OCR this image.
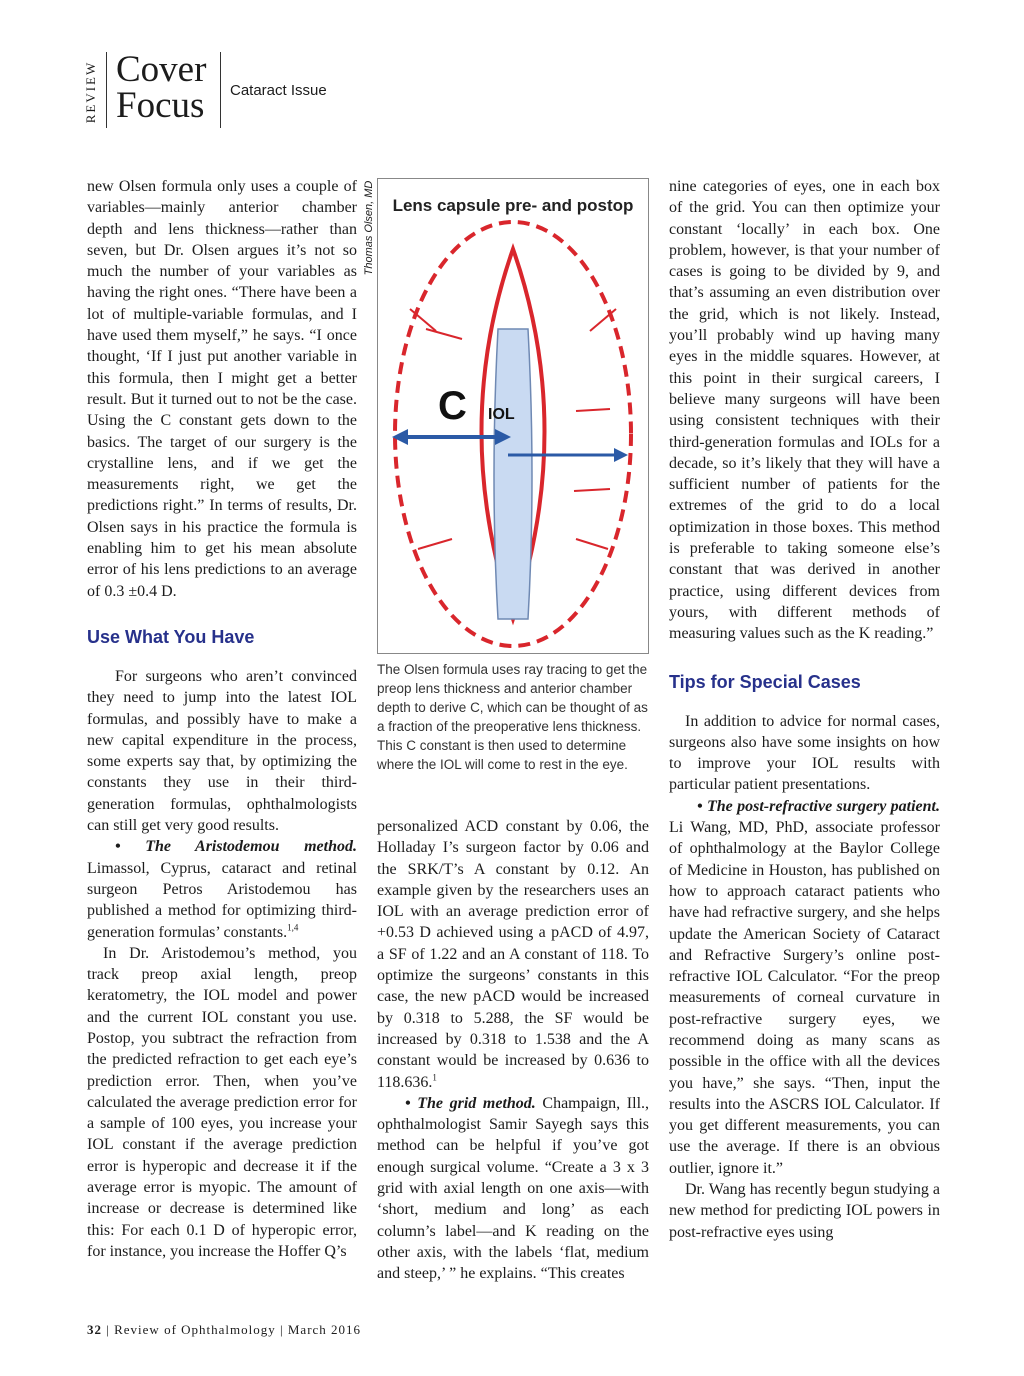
REVIEW Cover
Focus Cataract Issue

new Olsen formula only uses a couple of variables—mainly anterior chamber depth and lens thickness—rather than seven, but Dr. Olsen argues it’s not so much the number of your variables as having the right ones. “There have been a lot of multiple-variable formulas, and I have used them myself,” he says. “I once thought, ‘If I just put another variable in this formula, then I might get a better result. But it turned out to not be the case. Using the C constant gets down to the basics. The target of our surgery is the crystalline lens, and if we get the measurements right, we get the predictions right.” In terms of results, Dr. Olsen says in his practice the formula is enabling him to get his mean absolute error of his lens predictions to an average of 0.3 ±0.4 D.

Use What You Have

For surgeons who aren’t convinced they need to jump into the latest IOL formulas, and possibly have to make a new capital expenditure in the process, some experts say that, by optimizing the constants they use in their third-generation formulas, ophthalmologists can still get very good results.

• The Aristodemou method. Limassol, Cyprus, cataract and retinal surgeon Petros Aristodemou has published a method for optimizing third-generation formulas’ constants.$^{1,4}$

In Dr. Aristodemou’s method, you track preop axial length, preop keratometry, the IOL model and power and the current IOL constant you use. Postop, you subtract the refraction from the predicted refraction to get each eye’s prediction error. Then, when you’ve calculated the average prediction error for a sample of 100 eyes, you increase your IOL constant if the average prediction error is hyperopic and decrease it if the average error is myopic. The amount of increase or decrease is determined like this: For each 0.1 D of hyperopic error, for instance, you increase the Hoffer Q’s

Thomas Olsen, MD Lens capsule pre- and postop
C IOL
The Olsen formula uses ray tracing to get the preop lens thickness and anterior chamber depth to derive C, which can be thought of as a fraction of the preoperative lens thickness. This C constant is then used to determine where the IOL will come to rest in the eye.

personalized ACD constant by 0.06, the Holladay I’s surgeon factor by 0.06 and the SRK/T’s A constant by 0.12. An example given by the researchers uses an IOL with an average prediction error of +0.53 D achieved using a pACD of 4.97, a SF of 1.22 and an A constant of 118. To optimize the surgeons’ constants in this case, the new pACD would be increased by 0.318 to 5.288, the SF would be increased by 0.318 to 1.538 and the A constant would be increased by 0.636 to 118.636.$^1$

• The grid method. Champaign, Ill., ophthalmologist Samir Sayegh says this method can be helpful if you’ve got enough surgical volume. “Create a 3 x 3 grid with axial length on one axis—with ‘short, medium and long’ as each column’s label—and K reading on the other axis, with the labels ‘flat, medium and steep,’ ” he explains. “This creates

nine categories of eyes, one in each box of the grid. You can then optimize your constant ‘locally’ in each box. One problem, however, is that your number of cases is going to be divided by 9, and that’s assuming an even distribution over the grid, which is not likely. Instead, you’ll probably wind up having many eyes in the middle squares. However, at this point in their surgical careers, I believe many surgeons will have been using consistent techniques with their third-generation formulas and IOLs for a decade, so it’s likely that they will have a sufficient number of patients for the extremes of the grid to do a local optimization in those boxes. This method is preferable to taking someone else’s constant that was derived in another practice, using different devices from yours, with different methods of measuring values such as the K reading.”

Tips for Special Cases

In addition to advice for normal cases, surgeons also have some insights on how to improve your IOL results with particular patient presentations.

• The post-refractive surgery patient. Li Wang, MD, PhD, associate professor of ophthalmology at the Baylor College of Medicine in Houston, has published on how to approach cataract patients who have had refractive surgery, and she helps update the American Society of Cataract and Refractive Surgery’s online post-refractive IOL Calculator. “For the preop measurements of corneal curvature in post-refractive surgery eyes, we recommend doing as many scans as possible in the office with all the devices you have,” she says. “Then, input the results into the ASCRS IOL Calculator. If you get different measurements, you can use the average. If there is an obvious outlier, ignore it.”

Dr. Wang has recently begun studying a new method for predicting IOL powers in post-refractive eyes using

32 | Review of Ophthalmology | March 2016
